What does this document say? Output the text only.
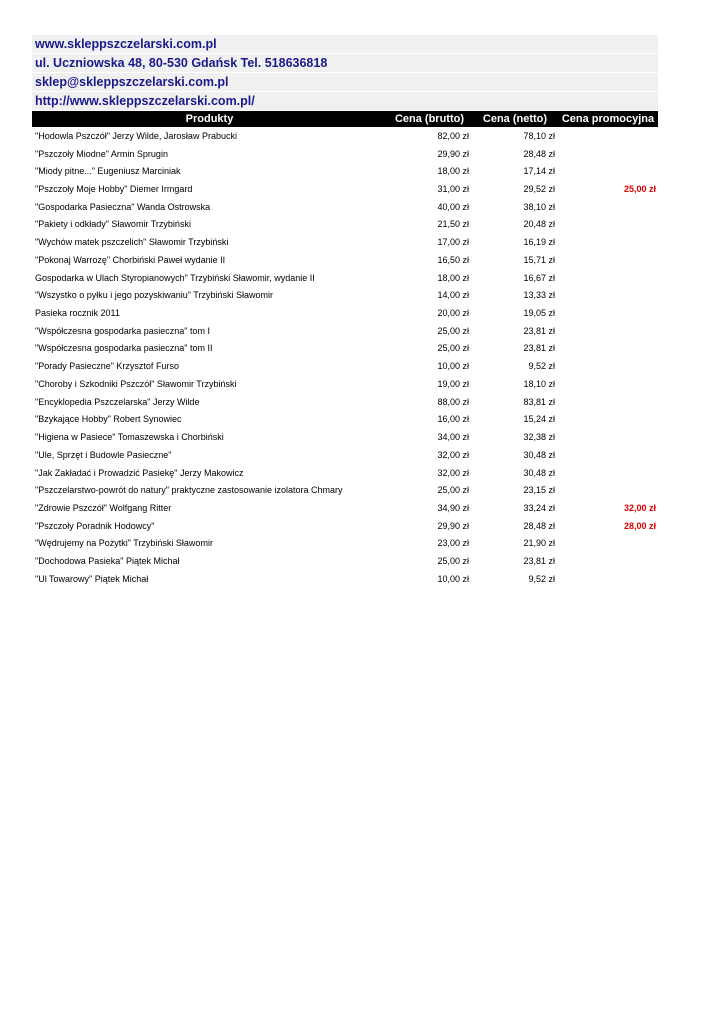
www.skleppszczelarski.com.pl
ul. Uczniowska 48, 80-530 Gdańsk Tel. 518636818
sklep@skleppszczelarski.com.pl
http://www.skleppszczelarski.com.pl/
Produkty	Cena (brutto)	Cena (netto)	Cena promocyjna
"Hodowla Pszczół" Jerzy Wilde, Jarosław Prabucki	82,00 zł	78,10 zł	
"Pszczoły Miodne" Armin Sprugin	29,90 zł	28,48 zł	
"Miody pitne..." Eugeniusz Marciniak	18,00 zł	17,14 zł	
"Pszczoły Moje Hobby" Diemer Irmgard	31,00 zł	29,52 zł	25,00 zł
"Gospodarka Pasieczna" Wanda Ostrowska	40,00 zł	38,10 zł	
"Pakiety i odkłady" Sławomir Trzybiński	21,50 zł	20,48 zł	
"Wychów matek pszczelich" Sławomir Trzybiński	17,00 zł	16,19 zł	
"Pokonaj Warrozę" Chorbiński Paweł wydanie II	16,50 zł	15,71 zł	
Gospodarka w Ulach Styropianowych" Trzybiński Sławomir, wydanie II	18,00 zł	16,67 zł	
"Wszystko o pyłku i jego pozyskiwaniu" Trzybiński Sławomir	14,00 zł	13,33 zł	
Pasieka rocznik 2011	20,00 zł	19,05 zł	
"Współczesna gospodarka pasieczna" tom I	25,00 zł	23,81 zł	
"Współczesna gospodarka pasieczna" tom II	25,00 zł	23,81 zł	
"Porady Pasieczne" Krzysztof Furso	10,00 zł	9,52 zł	
"Choroby i Szkodniki Pszczół" Sławomir Trzybiński	19,00 zł	18,10 zł	
"Encyklopedia Pszczelarska" Jerzy Wilde	88,00 zł	83,81 zł	
"Bzykające Hobby" Robert Synowiec	16,00 zł	15,24 zł	
"Higiena w Pasiece" Tomaszewska i Chorbiński	34,00 zł	32,38 zł	
"Ule, Sprzęt i Budowle Pasieczne"	32,00 zł	30,48 zł	
"Jak Zakładać i Prowadzić Pasiekę" Jerzy Makowicz	32,00 zł	30,48 zł	
"Pszczelarstwo-powrót do natury" praktyczne zastosowanie izolatora Chmary	25,00 zł	23,15 zł	
"Zdrowie Pszczół" Wolfgang Ritter	34,90 zł	33,24 zł	32,00 zł
"Pszczoły Poradnik Hodowcy"	29,90 zł	28,48 zł	28,00 zł
"Wędrujemy na Pożytki" Trzybiński Sławomir	23,00 zł	21,90 zł	
"Dochodowa Pasieka" Piątek Michał	25,00 zł	23,81 zł	
"Ul Towarowy" Piątek Michał	10,00 zł	9,52 zł	
